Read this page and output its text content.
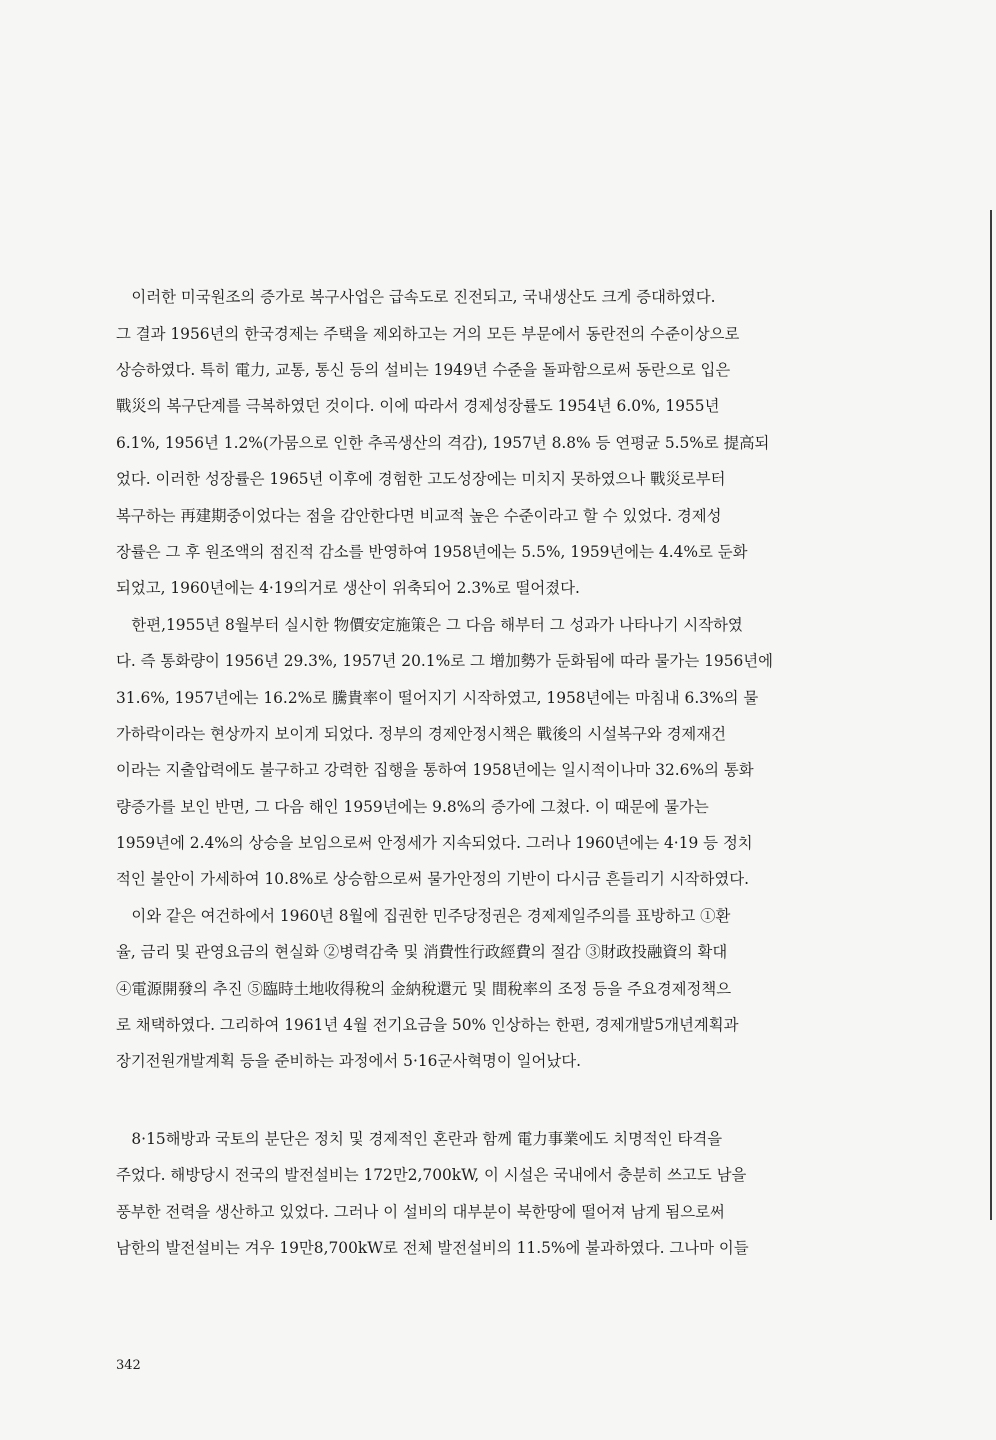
　이러한 미국원조의 증가로 복구사업은 급속도로 진전되고, 국내생산도 크게 증대하였다.
그 결과 1956년의 한국경제는 주택을 제외하고는 거의 모든 부문에서 동란전의 수준이상으로
상승하였다. 특히 電力, 교통, 통신 등의 설비는 1949년 수준을 돌파함으로써 동란으로 입은
戰災의 복구단계를 극복하였던 것이다. 이에 따라서 경제성장률도 1954년 6.0%, 1955년
6.1%, 1956년 1.2%(가뭄으로 인한 추곡생산의 격감), 1957년 8.8% 등 연평균 5.5%로 提高되
었다. 이러한 성장률은 1965년 이후에 경험한 고도성장에는 미치지 못하였으나 戰災로부터
복구하는 再建期중이었다는 점을 감안한다면 비교적 높은 수준이라고 할 수 있었다. 경제성
장률은 그 후 원조액의 점진적 감소를 반영하여 1958년에는 5.5%, 1959년에는 4.4%로 둔화
되었고, 1960년에는 4·19의거로 생산이 위축되어 2.3%로 떨어졌다.
　한편,1955년 8월부터 실시한 物價安定施策은 그 다음 해부터 그 성과가 나타나기 시작하였
다. 즉 통화량이 1956년 29.3%, 1957년 20.1%로 그 增加勢가 둔화됨에 따라 물가는 1956년에
31.6%, 1957년에는 16.2%로 騰貴率이 떨어지기 시작하였고, 1958년에는 마침내 6.3%의 물
가하락이라는 현상까지 보이게 되었다. 정부의 경제안정시책은 戰後의 시설복구와 경제재건
이라는 지출압력에도 불구하고 강력한 집행을 통하여 1958년에는 일시적이나마 32.6%의 통화
량증가를 보인 반면, 그 다음 해인 1959년에는 9.8%의 증가에 그쳤다. 이 때문에 물가는
1959년에 2.4%의 상승을 보임으로써 안정세가 지속되었다. 그러나 1960년에는 4·19 등 정치
적인 불안이 가세하여 10.8%로 상승함으로써 물가안정의 기반이 다시금 흔들리기 시작하였다.
　이와 같은 여건하에서 1960년 8월에 집권한 민주당정권은 경제제일주의를 표방하고 ①환
율, 금리 및 관영요금의 현실화 ②병력감축 및 消費性行政經費의 절감 ③財政投融資의 확대
④電源開發의 추진 ⑤臨時土地收得稅의 金納稅還元 및 間稅率의 조정 등을 주요경제정책으
로 채택하였다. 그리하여 1961년 4월 전기요금을 50% 인상하는 한편, 경제개발5개년계획과
장기전원개발계획 등을 준비하는 과정에서 5·16군사혁명이 일어났다.
　8·15해방과 국토의 분단은 정치 및 경제적인 혼란과 함께 電力事業에도 치명적인 타격을
주었다. 해방당시 전국의 발전설비는 172만2,700kW, 이 시설은 국내에서 충분히 쓰고도 남을
풍부한 전력을 생산하고 있었다. 그러나 이 설비의 대부분이 북한땅에 떨어져 남게 됨으로써
남한의 발전설비는 겨우 19만8,700kW로 전체 발전설비의 11.5%에 불과하였다. 그나마 이들
342
